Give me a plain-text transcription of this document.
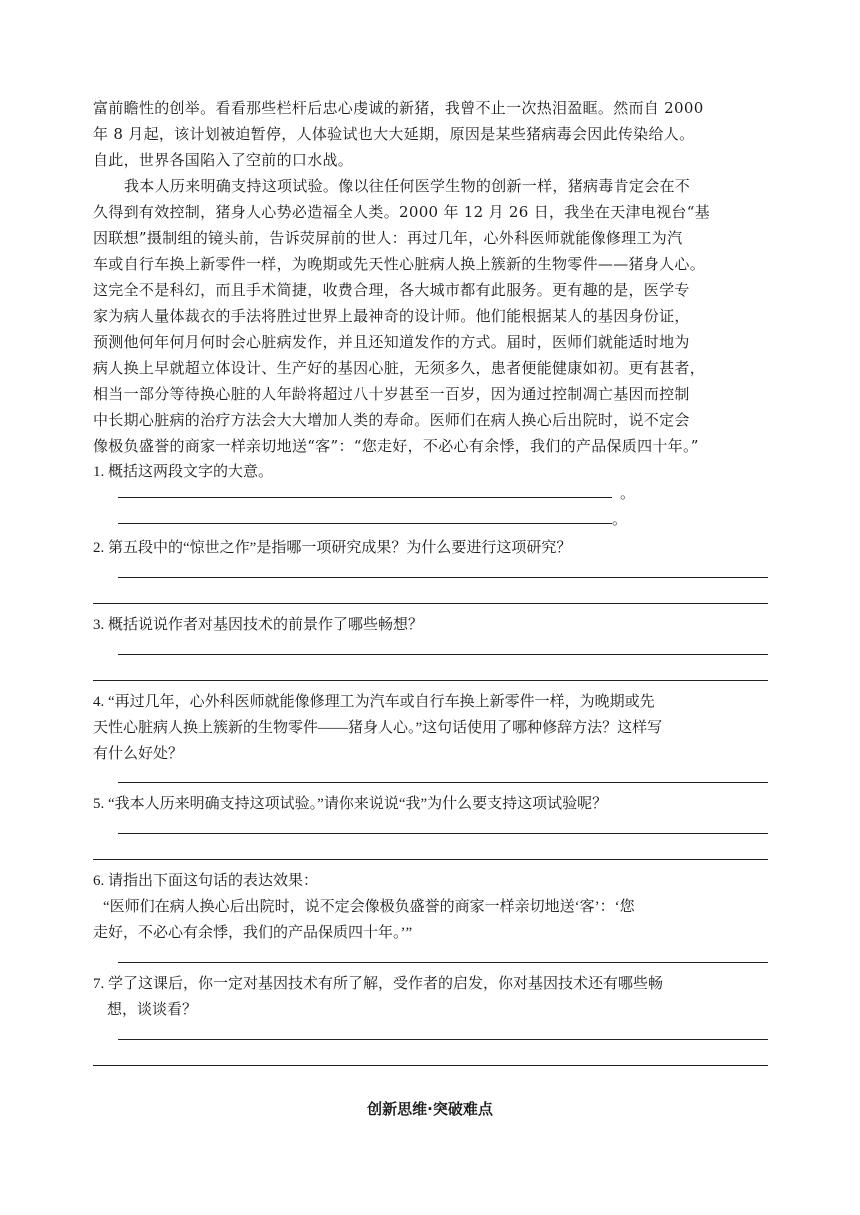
富前瞻性的创举。看看那些栏杆后忠心虔诚的新猪，我曾不止一次热泪盈眶。然而自 2000
年 8 月起，该计划被迫暂停，人体验试也大大延期，原因是某些猪病毒会因此传染给人。
自此，世界各国陷入了空前的口水战。
我本人历来明确支持这项试验。像以往任何医学生物的创新一样，猪病毒肯定会在不
久得到有效控制，猪身人心势必造福全人类。2000 年 12 月 26 日，我坐在天津电视台“基
因联想”摄制组的镜头前，告诉荧屏前的世人：再过几年，心外科医师就能像修理工为汽
车或自行车换上新零件一样，为晚期或先天性心脏病人换上簇新的生物零件——猪身人心。
这完全不是科幻，而且手术简捷，收费合理，各大城市都有此服务。更有趣的是，医学专
家为病人量体裁衣的手法将胜过世界上最神奇的设计师。他们能根据某人的基因身份证，
预测他何年何月何时会心脏病发作，并且还知道发作的方式。届时，医师们就能适时地为
病人换上早就超立体设计、生产好的基因心脏，无须多久，患者便能健康如初。更有甚者，
相当一部分等待换心脏的人年龄将超过八十岁甚至一百岁，因为通过控制凋亡基因而控制
中长期心脏病的治疗方法会大大增加人类的寿命。医师们在病人换心后出院时，说不定会
像极负盛誉的商家一样亲切地送“客”：“您走好，不必心有余悸，我们的产品保质四十年。”
1. 概括这两段文字的大意。
。
。
2. 第五段中的“惊世之作”是指哪一项研究成果？为什么要进行这项研究？
3. 概括说说作者对基因技术的前景作了哪些畅想？
4. “再过几年，心外科医师就能像修理工为汽车或自行车换上新零件一样，为晚期或先
天性心脏病人换上簇新的生物零件——猪身人心。”这句话使用了哪种修辞方法？这样写
有什么好处？
5. “我本人历来明确支持这项试验。”请你来说说“我”为什么要支持这项试验呢？
6. 请指出下面这句话的表达效果：
“医师们在病人换心后出院时，说不定会像极负盛誉的商家一样亲切地送‘客’：‘您
走好，不必心有余悸，我们的产品保质四十年。’”
7. 学了这课后，你一定对基因技术有所了解，受作者的启发，你对基因技术还有哪些畅
想，谈谈看？
创新思维·突破难点
